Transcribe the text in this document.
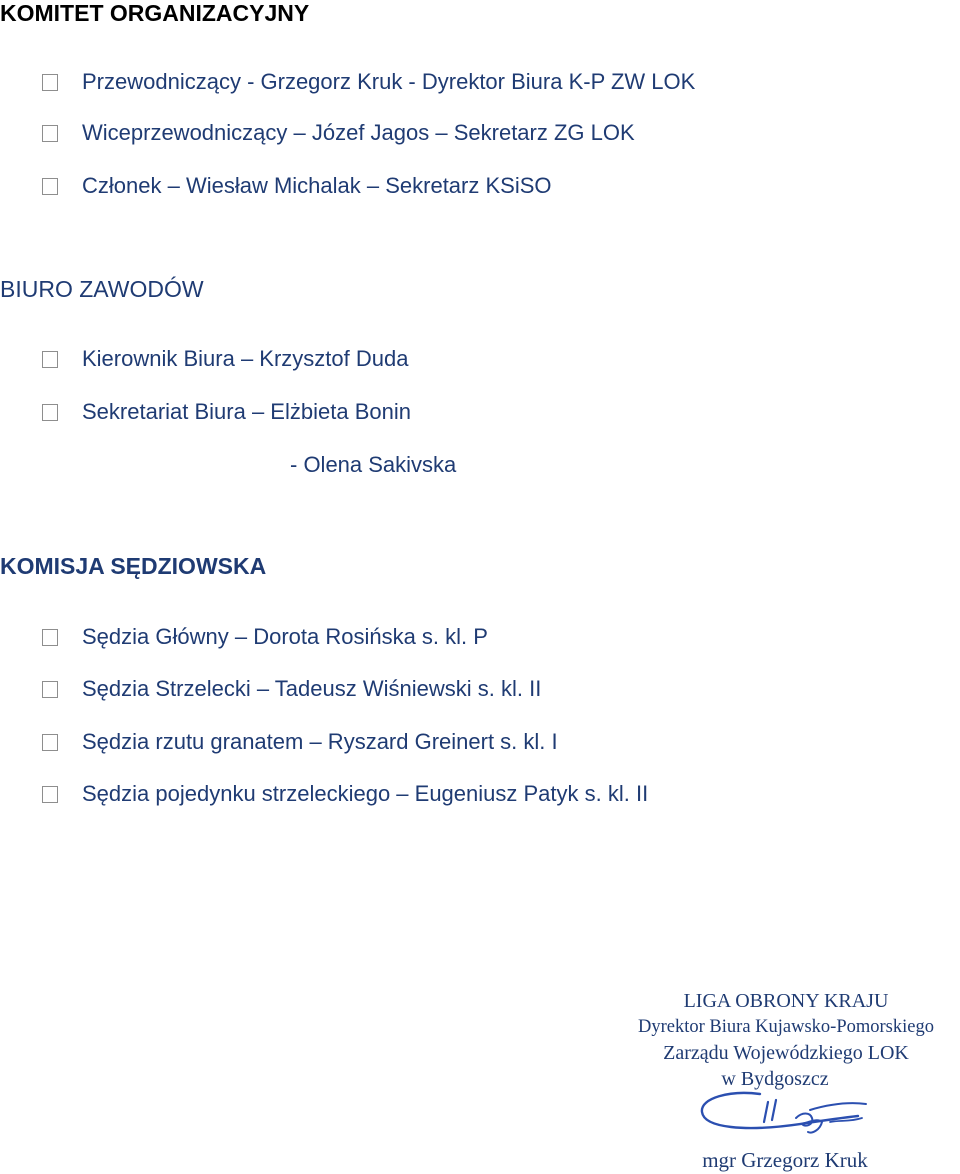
KOMITET ORGANIZACYJNY
Przewodniczący - Grzegorz Kruk - Dyrektor Biura K-P ZW LOK
Wiceprzewodniczący – Józef Jagos – Sekretarz ZG LOK
Członek – Wiesław Michalak – Sekretarz KSiSO
BIURO ZAWODÓW
Kierownik Biura – Krzysztof Duda
Sekretariat Biura – Elżbieta Bonin
- Olena Sakivska
KOMISJA SĘDZIOWSKA
Sędzia Główny – Dorota Rosińska s. kl. P
Sędzia Strzelecki – Tadeusz Wiśniewski s. kl. II
Sędzia rzutu granatem – Ryszard Greinert s. kl. I
Sędzia pojedynku strzeleckiego – Eugeniusz Patyk s. kl. II
LIGA OBRONY KRAJU
Dyrektor Biura Kujawsko-Pomorskiego
Zarządu Wojewódzkiego LOK
w Bydgoszcz
mgr Grzegorz Kruk
